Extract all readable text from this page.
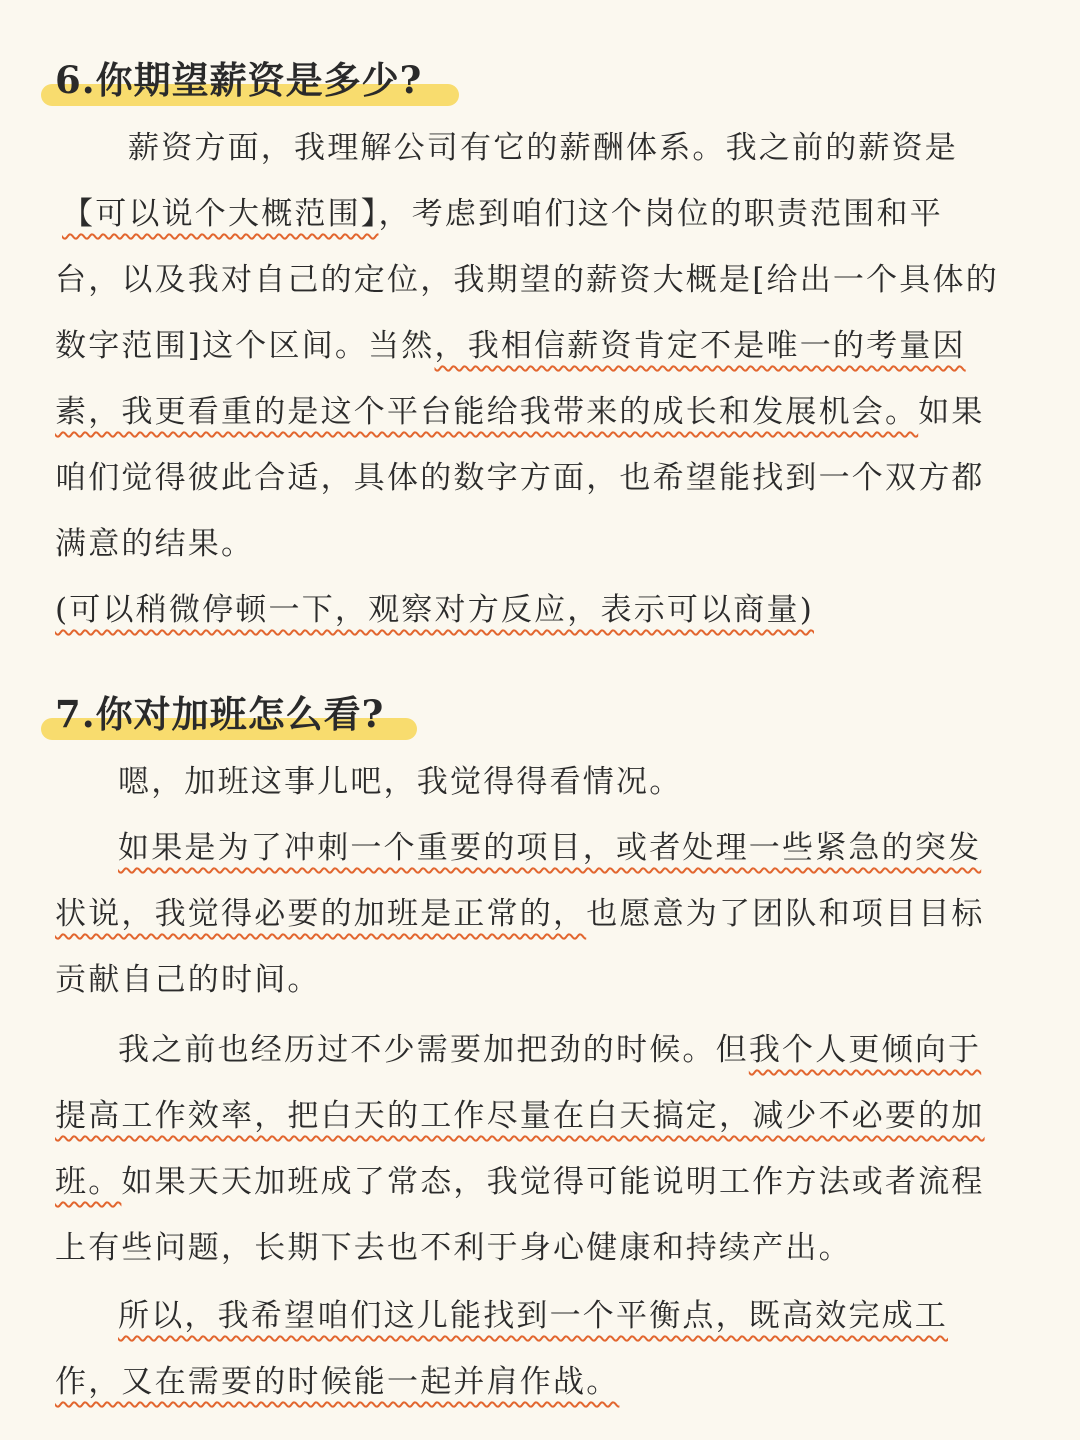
6.你期望薪资是多少?
薪资方面，我理解公司有它的薪酬体系。我之前的薪资是
【可以说个大概范围】，考虑到咱们这个岗位的职责范围和平
台，以及我对自己的定位，我期望的薪资大概是[给出一个具体的
数字范围]这个区间。当然，我相信薪资肯定不是唯一的考量因
素，我更看重的是这个平台能给我带来的成长和发展机会。如果
咱们觉得彼此合适，具体的数字方面，也希望能找到一个双方都
满意的结果。
(可以稍微停顿一下，观察对方反应，表示可以商量)
7.你对加班怎么看?
嗯，加班这事儿吧，我觉得得看情况。
如果是为了冲刺一个重要的项目，或者处理一些紧急的突发
状说，我觉得必要的加班是正常的，也愿意为了团队和项目目标
贡献自己的时间。
我之前也经历过不少需要加把劲的时候。但我个人更倾向于
提高工作效率，把白天的工作尽量在白天搞定，减少不必要的加
班。如果天天加班成了常态，我觉得可能说明工作方法或者流程
上有些问题，长期下去也不利于身心健康和持续产出。
所以，我希望咱们这儿能找到一个平衡点，既高效完成工
作，又在需要的时候能一起并肩作战。
